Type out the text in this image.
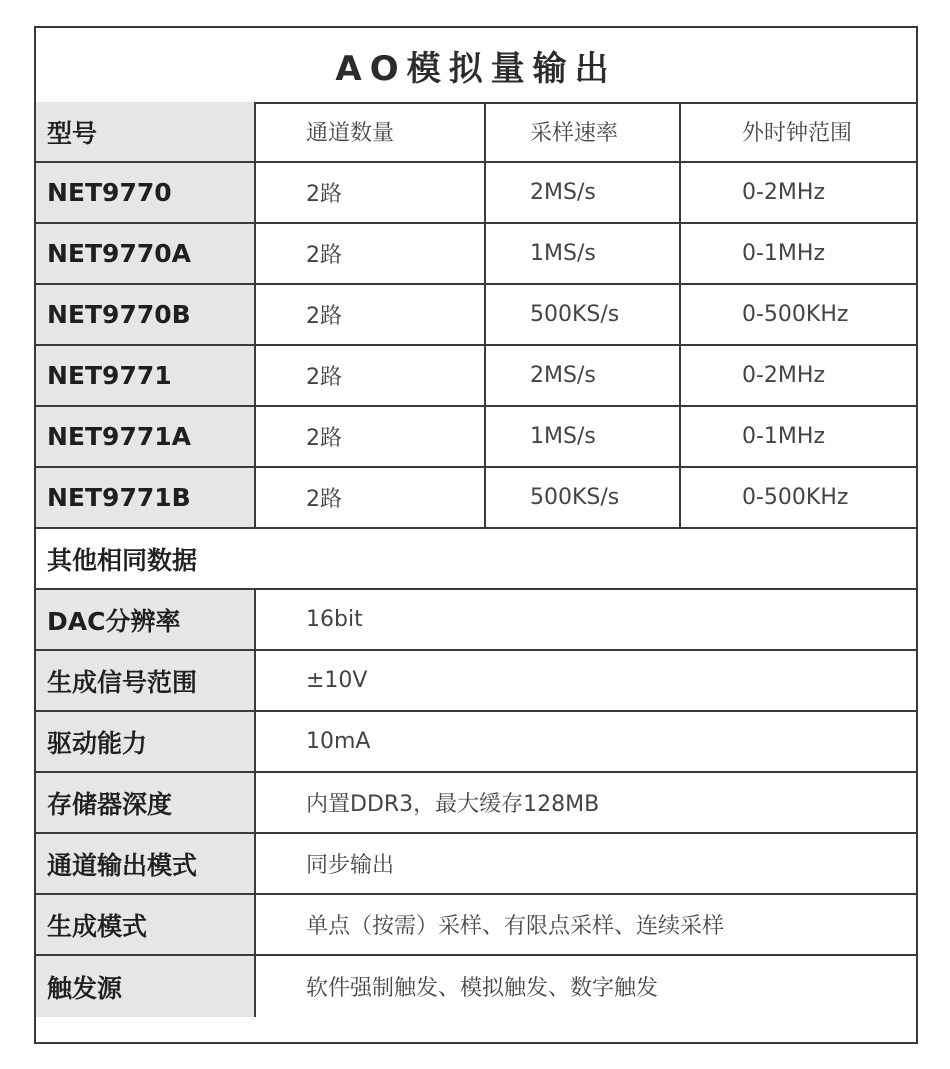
AO模拟量输出
型号	通道数量	采样速率	外时钟范围
NET9770	2路	2MS/s	0-2MHz
NET9770A	2路	1MS/s	0-1MHz
NET9770B	2路	500KS/s	0-500KHz
NET9771	2路	2MS/s	0-2MHz
NET9771A	2路	1MS/s	0-1MHz
NET9771B	2路	500KS/s	0-500KHz
其他相同数据
DAC分辨率	16bit
生成信号范围	±10V
驱动能力	10mA
存储器深度	内置DDR3，最大缓存128MB
通道输出模式	同步输出
生成模式	单点（按需）采样、有限点采样、连续采样
触发源	软件强制触发、模拟触发、数字触发
